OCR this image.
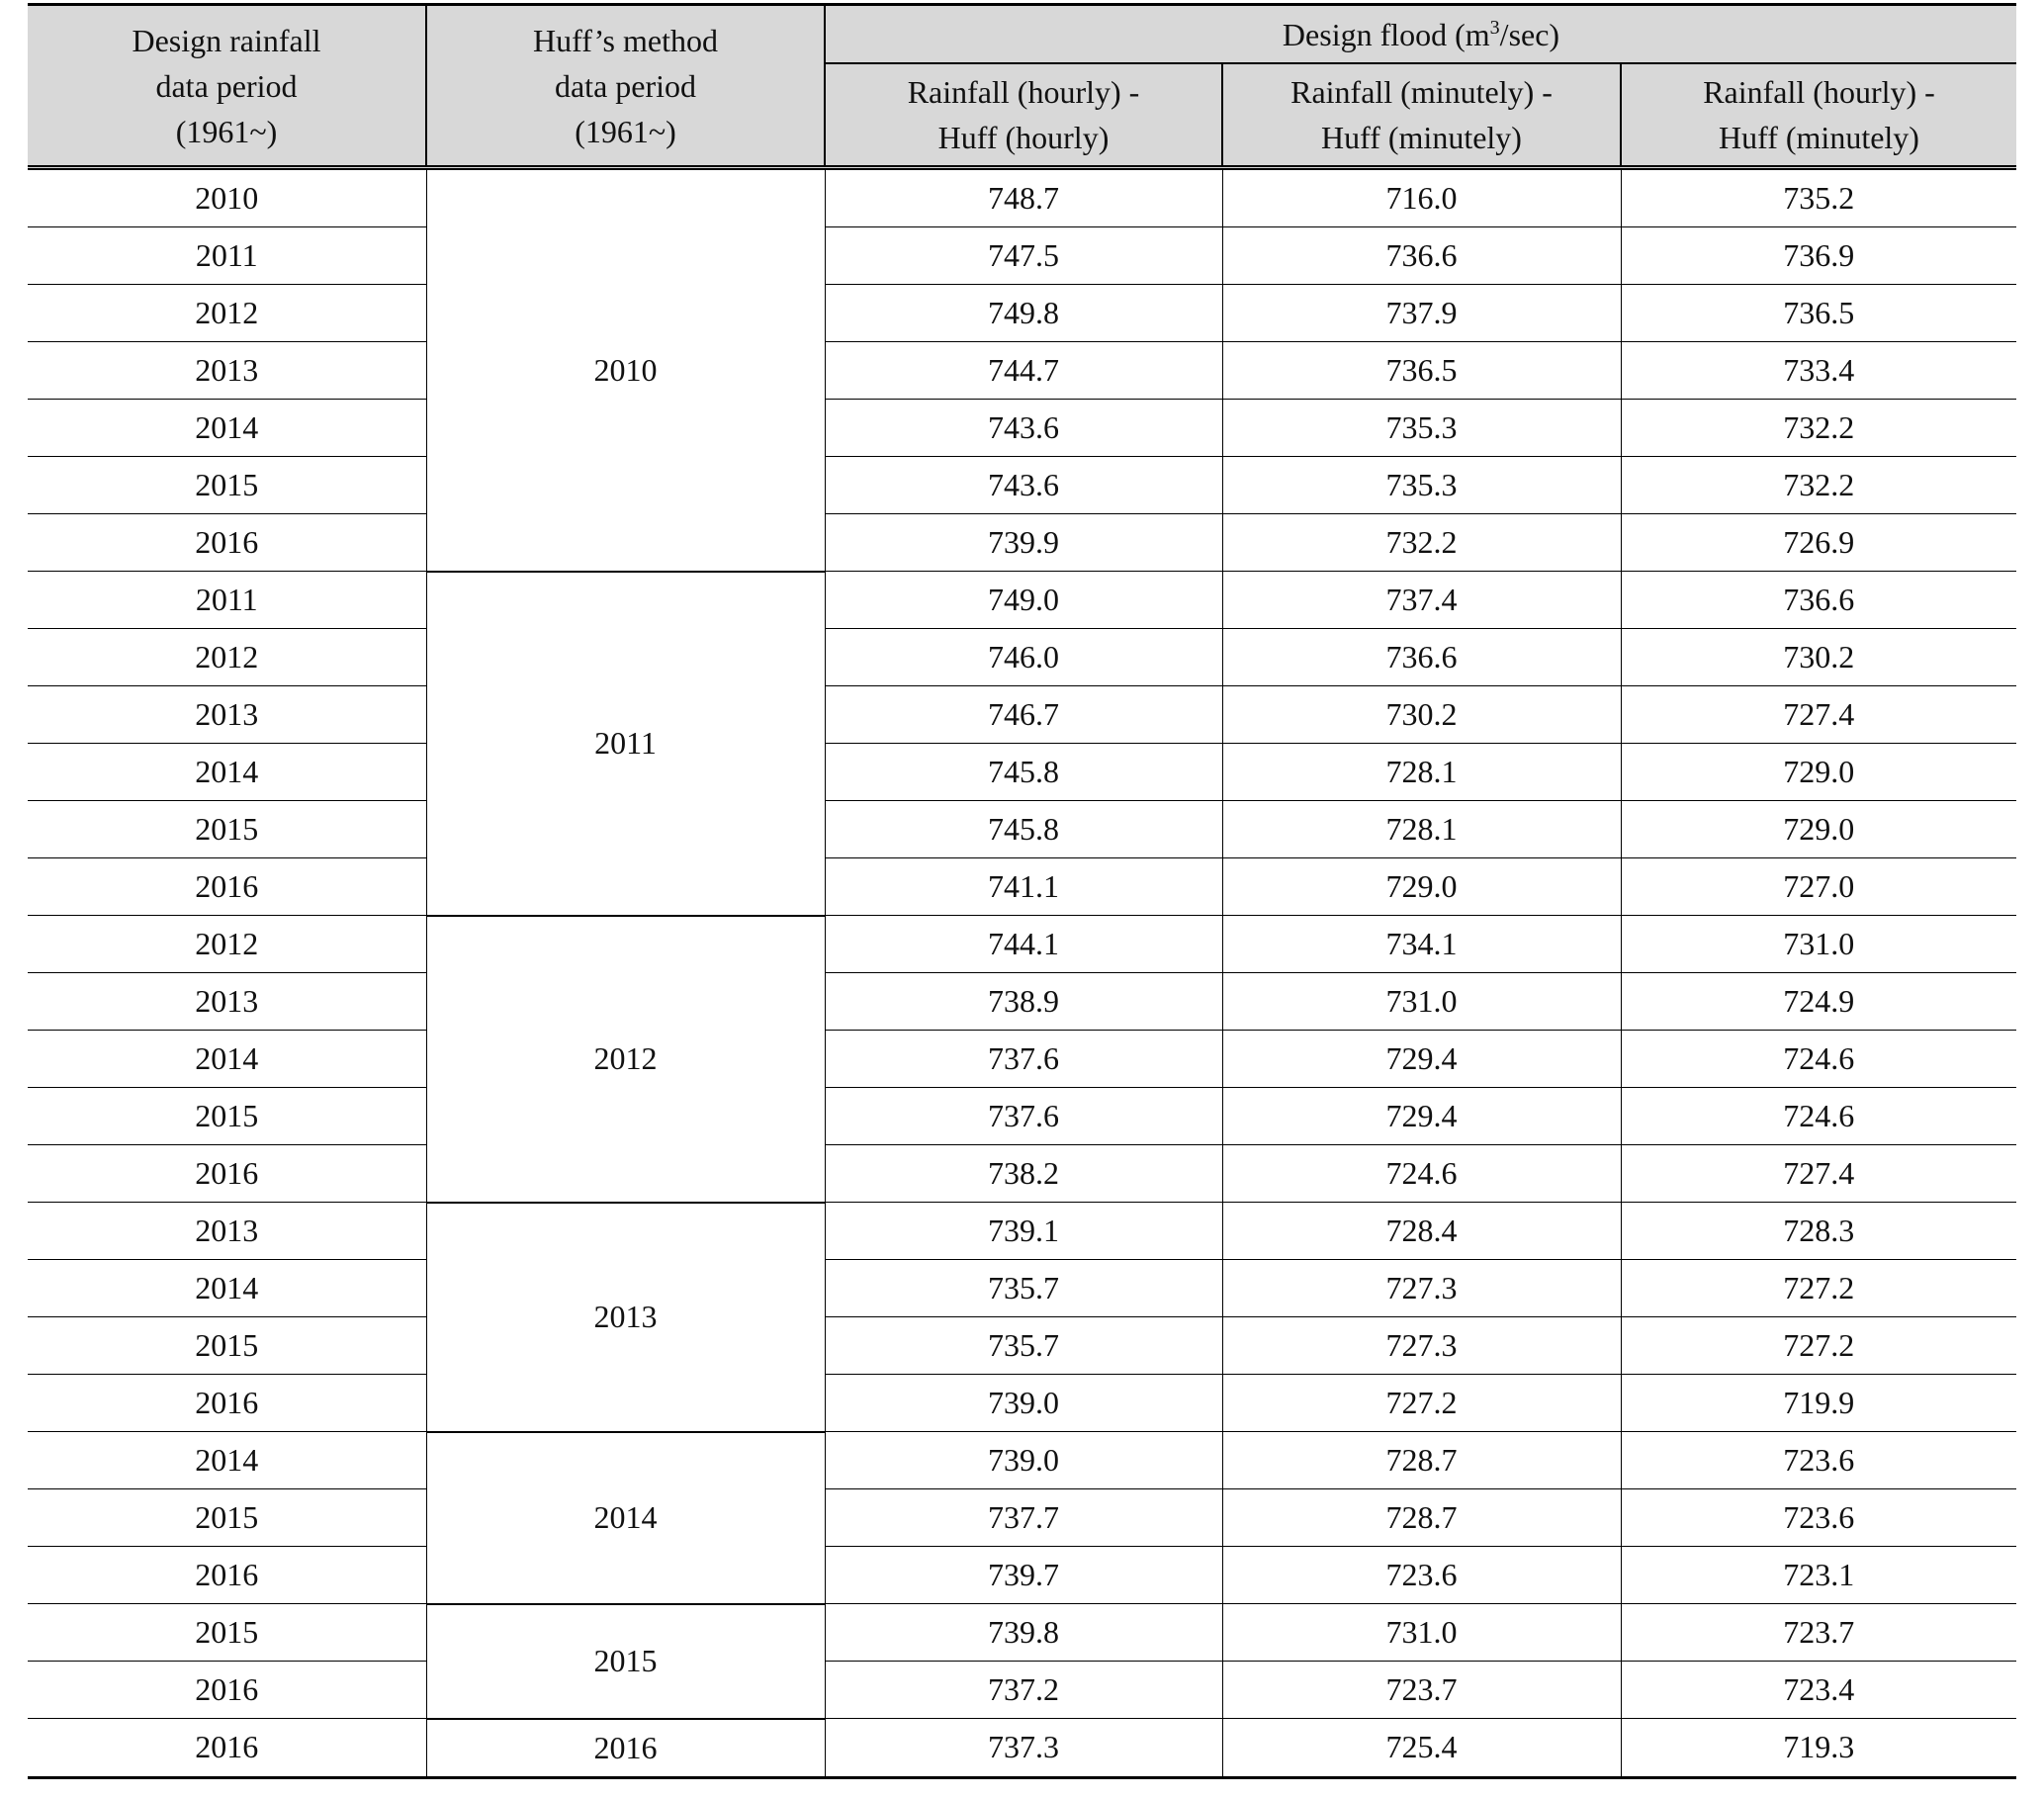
Design rainfall
data period
(1961~)	Huff’s method
data period
(1961~)	Design flood $(m^3/\sec)$		
		Rainfall (hourly) -
Huff (hourly)	Rainfall (minutely) -
Huff (minutely)	Rainfall (hourly) -
Huff (minutely)
2010	2010	748.7	716.0	735.2
2011		747.5	736.6	736.9
2012		749.8	737.9	736.5
2013		744.7	736.5	733.4
2014		743.6	735.3	732.2
2015		743.6	735.3	732.2
2016		739.9	732.2	726.9
2011	2011	749.0	737.4	736.6
2012		746.0	736.6	730.2
2013		746.7	730.2	727.4
2014		745.8	728.1	729.0
2015		745.8	728.1	729.0
2016		741.1	729.0	727.0
2012	2012	744.1	734.1	731.0
2013		738.9	731.0	724.9
2014		737.6	729.4	724.6
2015		737.6	729.4	724.6
2016		738.2	724.6	727.4
2013	2013	739.1	728.4	728.3
2014		735.7	727.3	727.2
2015		735.7	727.3	727.2
2016		739.0	727.2	719.9
2014	2014	739.0	728.7	723.6
2015		737.7	728.7	723.6
2016		739.7	723.6	723.1
2015	2015	739.8	731.0	723.7
2016		737.2	723.7	723.4
2016	2016	737.3	725.4	719.3
